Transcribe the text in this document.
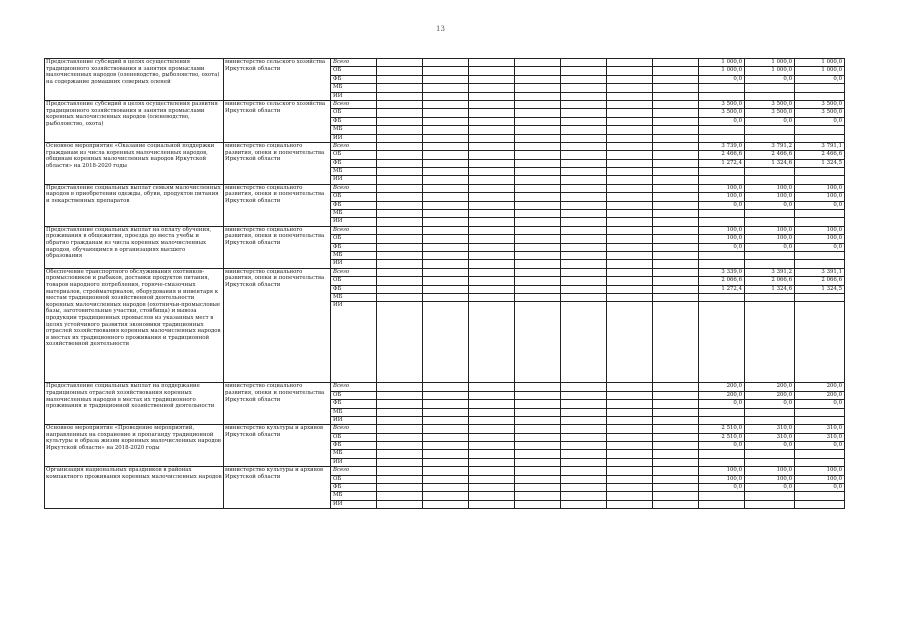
13
Предоставление субсидий в целях осуществления традиционного хозяйствования и занятия промыслами малочисленных народов (оленеводство, рыболовство, охота) на содержание домашних северных оленей	министерство сельского хозяйства Иркутской области	Всего								1 000,0	1 000,0	1 000,0
		ОБ								1 000,0	1 000,0	1 000,0
		ФБ								0,0	0,0	0,0
		МБ										
		ИИ										
Предоставление субсидий в целях осуществления развития традиционного хозяйствования и занятия промыслами коренных малочисленных народов (оленеводство, рыболовство, охота)	министерство сельского хозяйства Иркутской области	Всего								3 500,0	3 500,0	3 500,0
		ОБ								3 500,0	3 500,0	3 500,0
		ФБ								0,0	0,0	0,0
		МБ										
		ИИ										
Основное мероприятие «Оказание социальной поддержки гражданам из числа коренных малочисленных народов, общинам коренных малочисленных народов Иркутской области» на 2018-2020 годы	министерство социального развития, опеки и попечительства Иркутской области	Всего								3 739,0	3 791,2	3 791,1
		ОБ								2 466,6	2 466,6	2 466,6
		ФБ								1 272,4	1 324,6	1 324,5
		МБ										
		ИИ										
Предоставление социальных выплат семьям малочисленных народов в приобретении одежды, обуви, продуктов питания и лекарственных препаратов	министерство социального развития, опеки и попечительства Иркутской области	Всего								100,0	100,0	100,0
		ОБ								100,0	100,0	100,0
		ФБ								0,0	0,0	0,0
		МБ										
		ИИ										
Предоставление социальных выплат на оплату обучения, проживания в общежитии, проезда до места учебы и обратно гражданам из числа коренных малочисленных народов, обучающимся в организациях высшего образования	министерство социального развития, опеки и попечительства Иркутской области	Всего								100,0	100,0	100,0
		ОБ								100,0	100,0	100,0
		ФБ								0,0	0,0	0,0
		МБ										
		ИИ										
Обеспечение транспортного обслуживания охотников-промысловиков и рыбаков, доставки продуктов питания, товаров народного потребления, горюче-смазочных материалов, стройматериалов, оборудования и инвентаря к местам традиционной хозяйственной деятельности коренных малочисленных народов (охотничьи-промысловые базы, заготовительные участки, стойбища) и вывоза продукции традиционных промыслов из указанных мест в целях устойчивого развития экономики традиционных отраслей хозяйствования коренных малочисленных народов в местах их традиционного проживания и традиционной хозяйственной деятельности	министерство социального развития, опеки и попечительства Иркутской области	Всего								3 339,0	3 391,2	3 391,1
		ОБ								2 066,6	2 066,6	2 066,6
		ФБ								1 272,4	1 324,6	1 324,5
		МБ										
		ИИ										
Предоставление социальных выплат на поддержание традиционных отраслей хозяйствования коренных малочисленных народов в местах их традиционного проживания и традиционной хозяйственной деятельности	министерство социального развития, опеки и попечительства Иркутской области	Всего								200,0	200,0	200,0
		ОБ								200,0	200,0	200,0
		ФБ								0,0	0,0	0,0
		МБ										
		ИИ										
Основное мероприятие «Проведение мероприятий, направленных на сохранение и пропаганду традиционной культуры и образа жизни коренных малочисленных народов Иркутской области» на 2018-2020 годы	министерство культуры и архивов Иркутской области	Всего								2 510,0	310,0	310,0
		ОБ								2 510,0	310,0	310,0
		ФБ								0,0	0,0	0,0
		МБ										
		ИИ										
Организация национальных праздников в районах компактного проживания коренных малочисленных народов	министерство культуры и архивов Иркутской области	Всего								100,0	100,0	100,0
		ОБ								100,0	100,0	100,0
		ФБ								0,0	0,0	0,0
		МБ										
		ИИ										
